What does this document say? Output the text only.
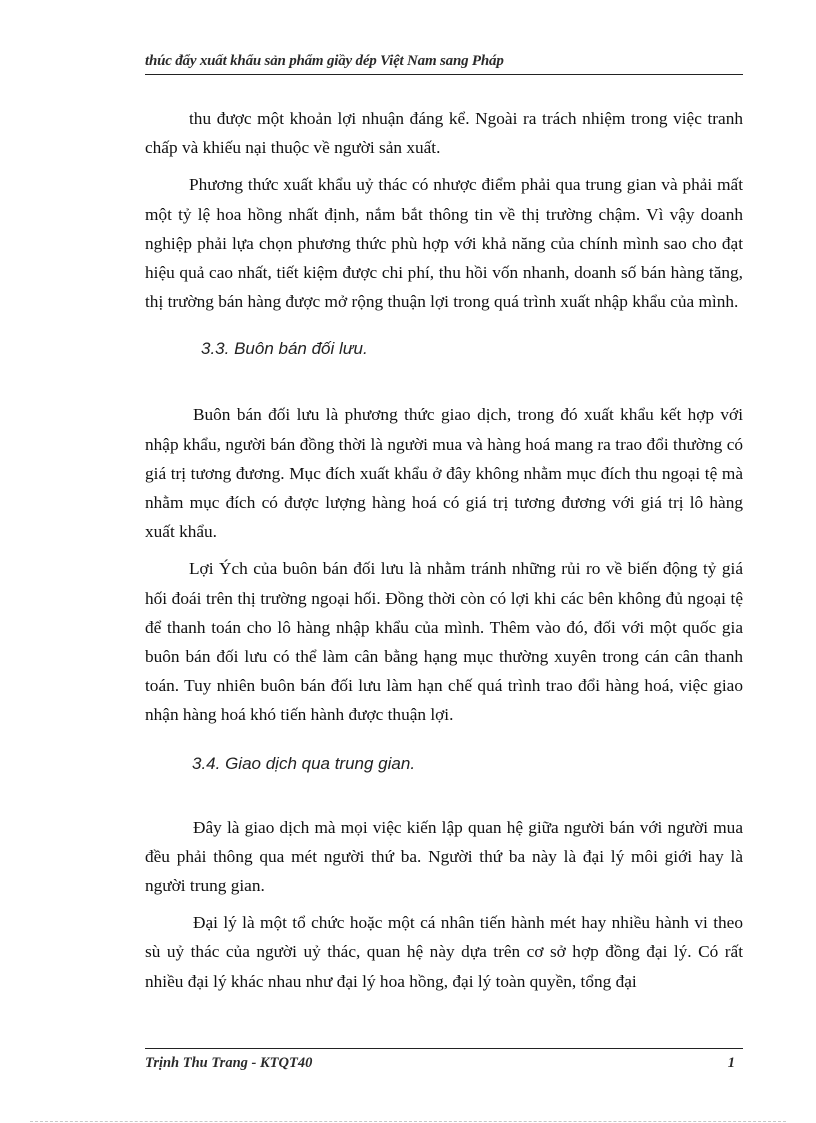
thúc đẩy xuất khẩu sản phẩm giầy dép Việt Nam sang Pháp

thu được một khoản lợi nhuận đáng kể. Ngoài ra trách nhiệm trong việc tranh chấp và khiếu nại thuộc về người sản xuất.

Phương thức xuất khẩu uỷ thác có nhược điểm phải qua trung gian và phải mất một tỷ lệ hoa hồng nhất định, nắm bắt thông tin về thị trường chậm. Vì vậy doanh nghiệp phải lựa chọn phương thức phù hợp với khả năng của chính mình sao cho đạt hiệu quả cao nhất, tiết kiệm được chi phí, thu hồi vốn nhanh, doanh số bán hàng tăng, thị trường bán hàng được mở rộng thuận lợi trong quá trình xuất nhập khẩu của mình.

3.3. Buôn bán đối lưu.

Buôn bán đối lưu là phương thức giao dịch, trong đó xuất khẩu kết hợp với nhập khẩu, người bán đồng thời là người mua và hàng hoá mang ra trao đổi thường có giá trị tương đương. Mục đích xuất khẩu ở đây không nhằm mục đích thu ngoại tệ mà nhằm mục đích có được lượng hàng hoá có giá trị tương đương với giá trị lô hàng xuất khẩu.

Lợi Ých của buôn bán đối lưu là nhằm tránh những rủi ro về biến động tỷ giá hối đoái trên thị trường ngoại hối. Đồng thời còn có lợi khi các bên không đủ ngoại tệ để thanh toán cho lô hàng nhập khẩu của mình. Thêm vào đó, đối với một quốc gia buôn bán đối lưu có thể làm cân bằng hạng mục thường xuyên trong cán cân thanh toán. Tuy nhiên buôn bán đối lưu làm hạn chế quá trình trao đổi hàng hoá, việc giao nhận hàng hoá khó tiến hành được thuận lợi.

3.4. Giao dịch qua trung gian.

Đây là giao dịch mà mọi việc kiến lập quan hệ giữa người bán với người mua đều phải thông qua mét người thứ ba. Người thứ ba này là đại lý môi giới hay là người trung gian.

Đại lý là một tổ chức hoặc một cá nhân tiến hành mét hay nhiều hành vi theo sù uỷ thác của người uỷ thác, quan hệ này dựa trên cơ sở hợp đồng đại lý. Có rất nhiều đại lý khác nhau như đại lý hoa hồng, đại lý toàn quyền, tổng đại

Trịnh Thu Trang - KTQT40	1
